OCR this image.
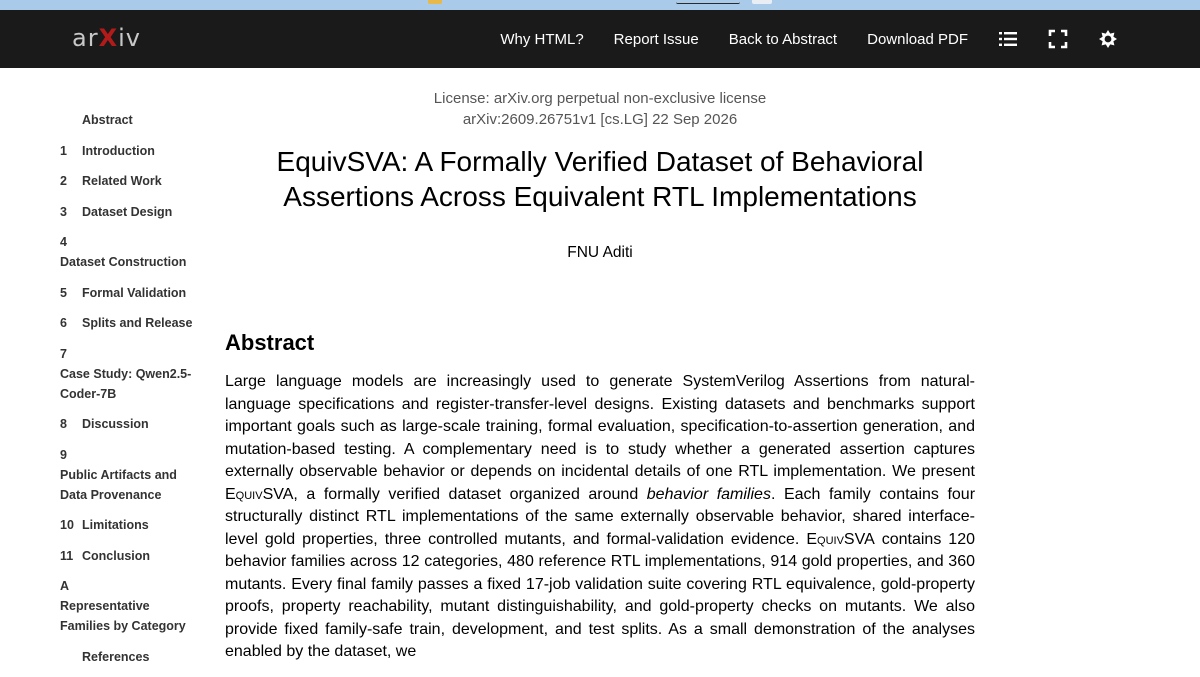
arXiv	Why HTML? Report Issue Back to Abstract Download PDF
Abstract
1	Introduction
2	Related Work
3	Dataset Design
4
Dataset Construction
5	Formal Validation
6	Splits and Release
7
Case Study: Qwen2.5-Coder-7B
8	Discussion
9
Public Artifacts and Data Provenance
10 Limitations
11 Conclusion
A
Representative Families by Category
References
License: arXiv.org perpetual non-exclusive license
arXiv:2609.26751v1 [cs.LG] 22 Sep 2026
EquivSVA: A Formally Verified Dataset of Behavioral Assertions Across Equivalent RTL Implementations
FNU Aditi
Abstract

Large language models are increasingly used to generate SystemVerilog Assertions from natural-language specifications and register-transfer-level designs. Existing datasets and benchmarks support important goals such as large-scale training, formal evaluation, specification-to-assertion generation, and mutation-based testing. A complementary need is to study whether a generated assertion captures externally observable behavior or depends on incidental details of one RTL implementation. We present EquivSVA, a formally verified dataset organized around behavior families. Each family contains four structurally distinct RTL implementations of the same externally observable behavior, shared interface-level gold properties, three controlled mutants, and formal-validation evidence. EquivSVA contains 120 behavior families across 12 categories, 480 reference RTL implementations, 914 gold properties, and 360 mutants. Every final family passes a fixed 17-job validation suite covering RTL equivalence, gold-property proofs, property reachability, mutant distinguishability, and gold-property checks on mutants. We also provide fixed family-safe train, development, and test splits. As a small demonstration of the analyses enabled by the dataset, we
